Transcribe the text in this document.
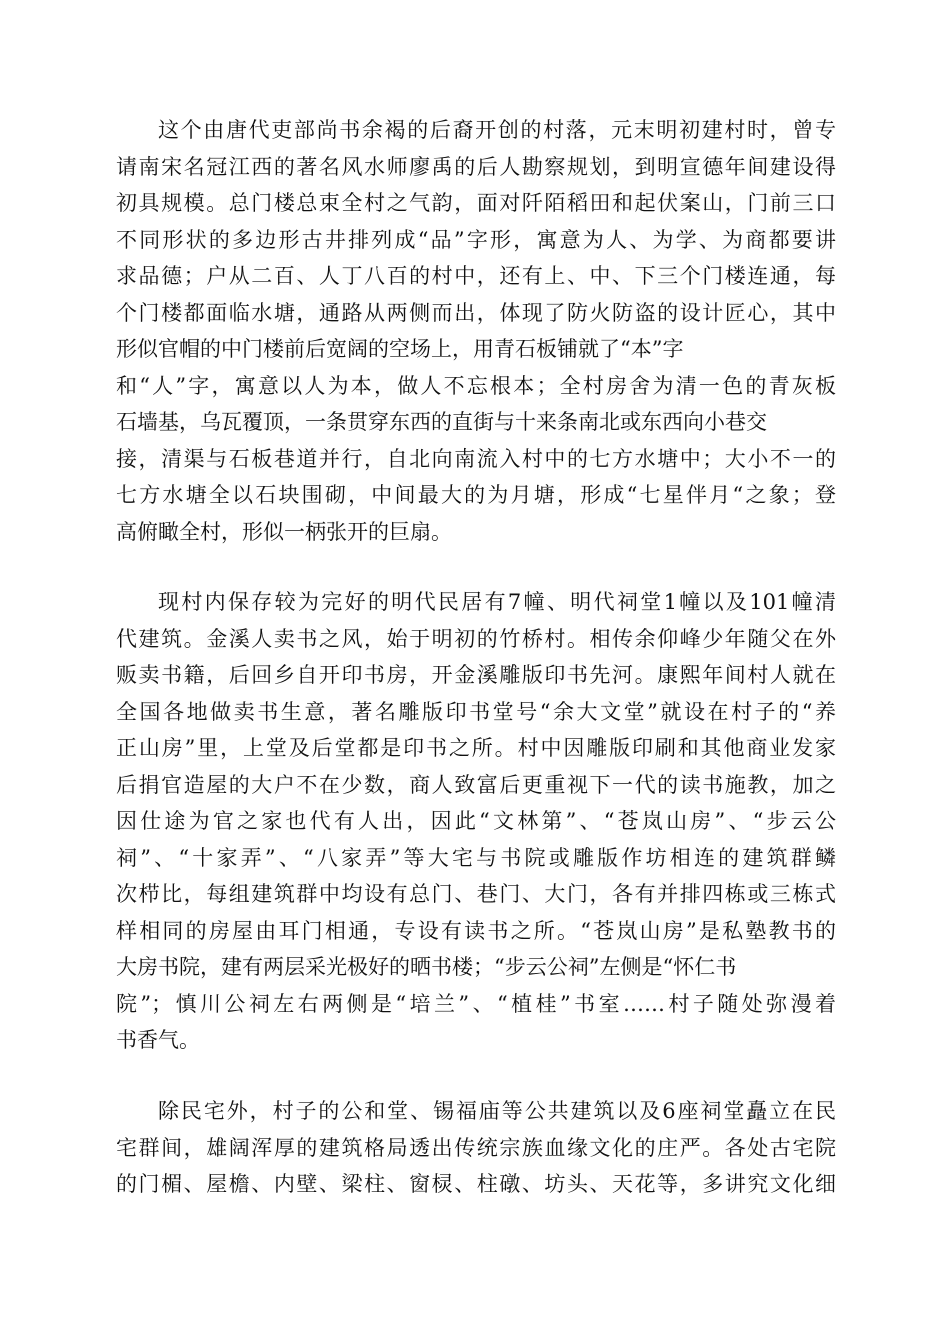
这个由唐代吏部尚书余褐的后裔开创的村落，元末明初建村时，曾专
请南宋名冠江西的著名风水师廖禹的后人勘察规划，到明宣德年间建设得
初具规模。总门楼总束全村之气韵，面对阡陌稻田和起伏案山，门前三口
不同形状的多边形古井排列成“品”字形，寓意为人、为学、为商都要讲
求品德；户从二百、人丁八百的村中，还有上、中、下三个门楼连通，每
个门楼都面临水塘，通路从两侧而出，体现了防火防盗的设计匠心，其中
形似官帽的中门楼前后宽阔的空场上，用青石板铺就了“本”字
和“人”字，寓意以人为本，做人不忘根本；全村房舍为清一色的青灰板
石墙基，乌瓦覆顶，一条贯穿东西的直街与十来条南北或东西向小巷交
接，清渠与石板巷道并行，自北向南流入村中的七方水塘中；大小不一的
七方水塘全以石块围砌，中间最大的为月塘，形成“七星伴月“之象；登
高俯瞰全村，形似一柄张开的巨扇。
现村内保存较为完好的明代民居有7幢、明代祠堂1幢以及101幢清
代建筑。金溪人卖书之风，始于明初的竹桥村。相传余仰峰少年随父在外
贩卖书籍，后回乡自开印书房，开金溪雕版印书先河。康熙年间村人就在
全国各地做卖书生意，著名雕版印书堂号“余大文堂”就设在村子的“养
正山房”里，上堂及后堂都是印书之所。村中因雕版印刷和其他商业发家
后捐官造屋的大户不在少数，商人致富后更重视下一代的读书施教，加之
因仕途为官之家也代有人出，因此“文林第”、“苍岚山房”、“步云公
祠”、“十家弄”、“八家弄”等大宅与书院或雕版作坊相连的建筑群鳞
次栉比，每组建筑群中均设有总门、巷门、大门，各有并排四栋或三栋式
样相同的房屋由耳门相通，专设有读书之所。“苍岚山房”是私塾教书的
大房书院，建有两层采光极好的晒书楼；“步云公祠”左侧是“怀仁书
院”；慎川公祠左右两侧是“培兰”、“植桂”书室……村子随处弥漫着
书香气。
除民宅外，村子的公和堂、锡福庙等公共建筑以及6座祠堂矗立在民
宅群间，雄阔浑厚的建筑格局透出传统宗族血缘文化的庄严。各处古宅院
的门楣、屋檐、内壁、梁柱、窗棂、柱礅、坊头、天花等，多讲究文化细
